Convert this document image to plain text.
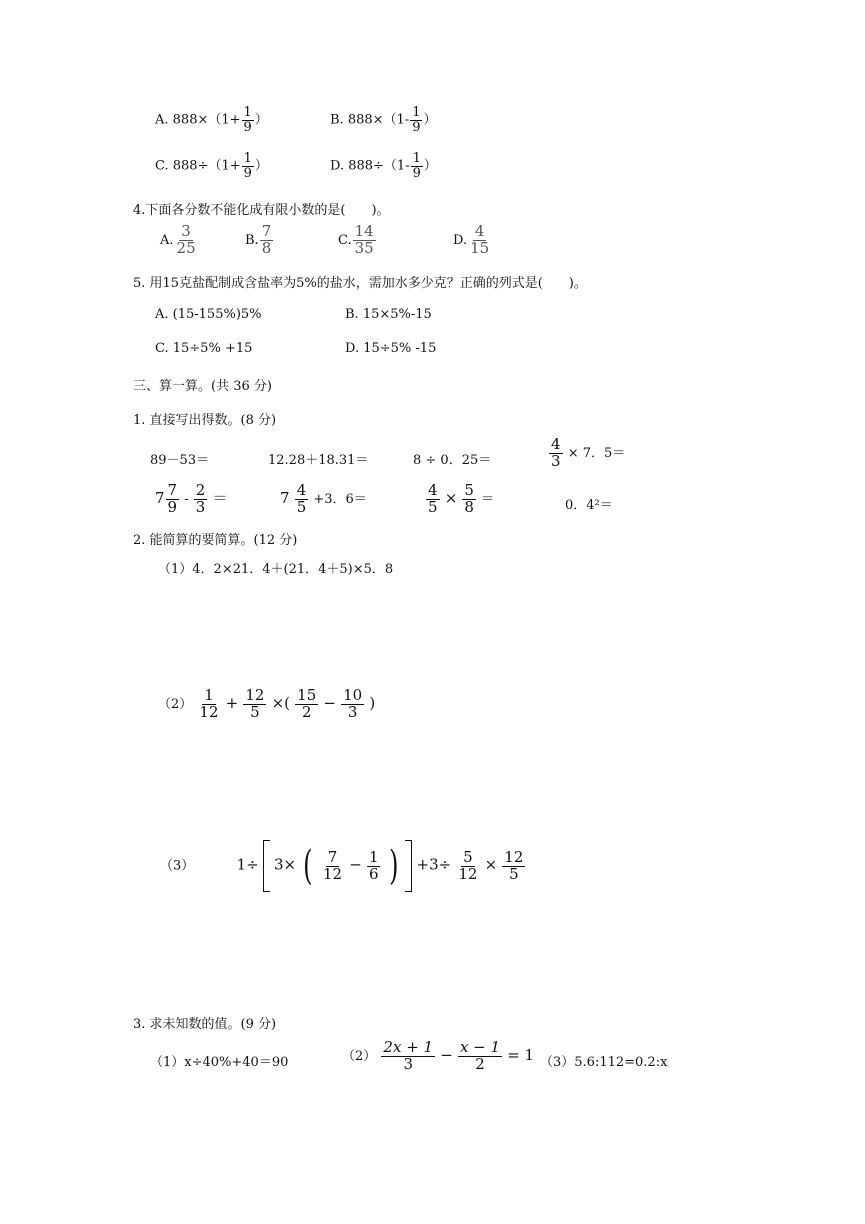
A. $888\times(1+ \frac{1}{9}$ ）	B. $888\times(1- \frac{1}{9}$ ）
C. $888\div(1+ \frac{1}{9}$ ）	D. $888\div(1- \frac{1}{9}$ ）
4.下面各分数不能化成有限小数的是(　　)。
A. $\frac{3}{25}$	B. $\frac{7}{8}$	C. $\frac{14}{35}$	D. $\frac{4}{15}$
5. 用15克盐配制成含盐率为5%的盐水，需加水多少克？正确的列式是(　　)。
A. (15-155%)5%	B. 15×5%-15
C. 15÷5% +15	D. 15÷5% -15
三、算一算。(共 36 分)
1. 直接写出得数。(8 分)
89－53＝	12.28＋18.31＝	8 ÷ 0．25＝	$\frac{4}{3} \times 7$．5＝
$7 \frac{7}{9} - \frac{2}{3}$ ＝	$7 \frac{4}{5} +3$．6＝	$\frac{4}{5} \times \frac{5}{8}$ ＝	0．4²＝
2. 能简算的要简算。(12 分)
（1）4．2×21．4＋(21．4＋5)×5．8
$(2) \frac{1}{12} + \frac{12}{5}$ ×( $\frac{15}{2} - \frac{10}{3}$ )
（3）	1÷ 3× ( $\frac{7}{12} - \frac{1}{6}$ ) $+3\div \frac{5}{12} \times \frac{12}{5}$
3. 求未知数的值。(9 分)
（1）x÷40%+40＝90	$(2) \frac{2x + 1}{3} - \frac{x - 1}{2} = 1$ （3）5.6:112=0.2:x
